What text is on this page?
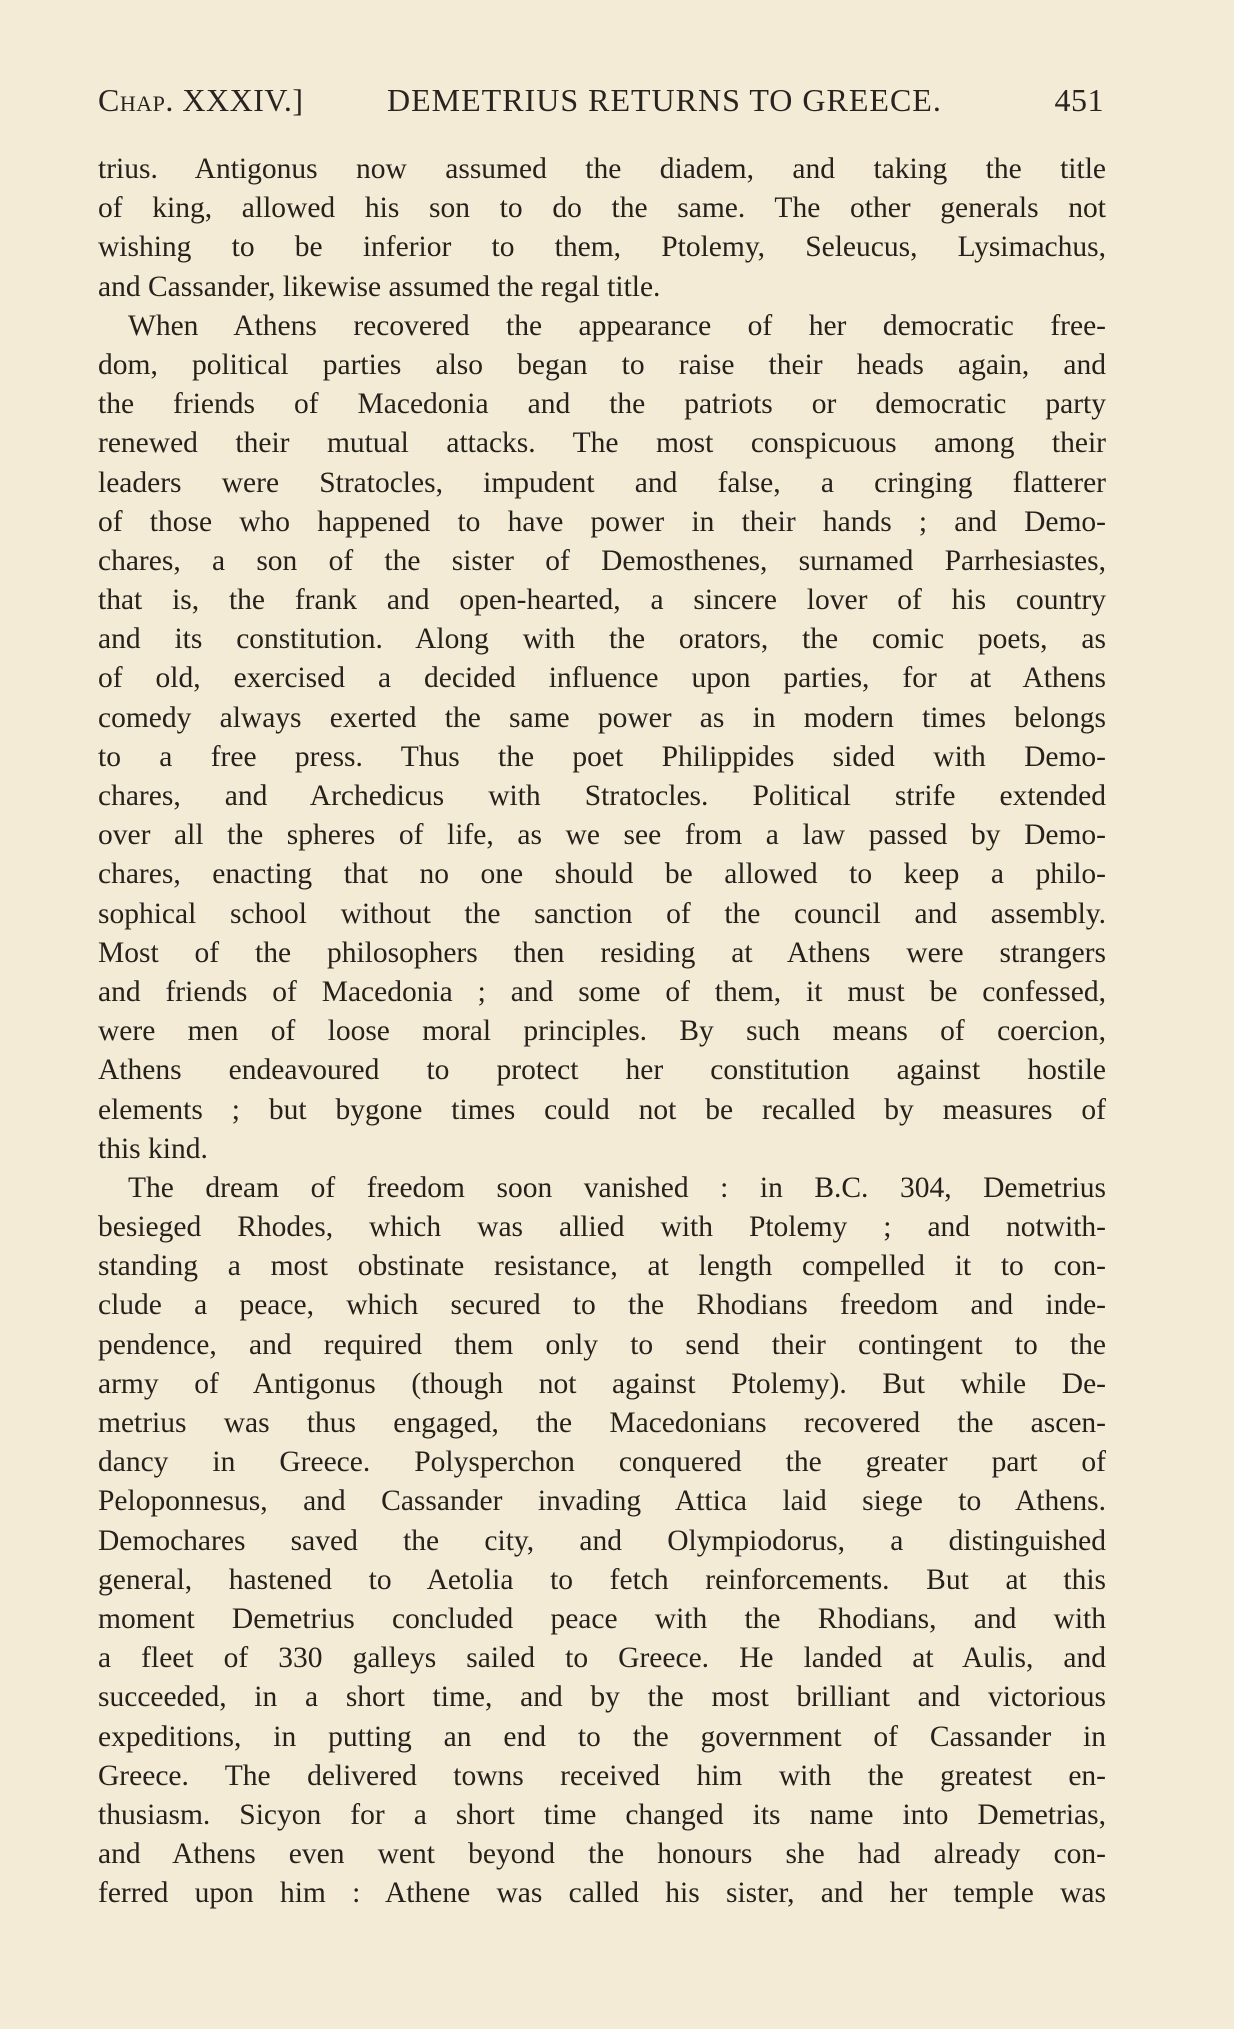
Chap. XXXIV.]	DEMETRIUS RETURNS TO GREECE.	451
trius. Antigonus now assumed the diadem, and taking the title
of king, allowed his son to do the same. The other generals not
wishing to be inferior to them, Ptolemy, Seleucus, Lysimachus,
and Cassander, likewise assumed the regal title.
When Athens recovered the appearance of her democratic free-
dom, political parties also began to raise their heads again, and
the friends of Macedonia and the patriots or democratic party
renewed their mutual attacks. The most conspicuous among their
leaders were Stratocles, impudent and false, a cringing flatterer
of those who happened to have power in their hands ; and Demo-
chares, a son of the sister of Demosthenes, surnamed Parrhesiastes,
that is, the frank and open-hearted, a sincere lover of his country
and its constitution. Along with the orators, the comic poets, as
of old, exercised a decided influence upon parties, for at Athens
comedy always exerted the same power as in modern times belongs
to a free press. Thus the poet Philippides sided with Demo-
chares, and Archedicus with Stratocles. Political strife extended
over all the spheres of life, as we see from a law passed by Demo-
chares, enacting that no one should be allowed to keep a philo-
sophical school without the sanction of the council and assembly.
Most of the philosophers then residing at Athens were strangers
and friends of Macedonia ; and some of them, it must be confessed,
were men of loose moral principles. By such means of coercion,
Athens endeavoured to protect her constitution against hostile
elements ; but bygone times could not be recalled by measures of
this kind.
The dream of freedom soon vanished : in B.C. 304, Demetrius
besieged Rhodes, which was allied with Ptolemy ; and notwith-
standing a most obstinate resistance, at length compelled it to con-
clude a peace, which secured to the Rhodians freedom and inde-
pendence, and required them only to send their contingent to the
army of Antigonus (though not against Ptolemy). But while De-
metrius was thus engaged, the Macedonians recovered the ascen-
dancy in Greece. Polysperchon conquered the greater part of
Peloponnesus, and Cassander invading Attica laid siege to Athens.
Demochares saved the city, and Olympiodorus, a distinguished
general, hastened to Aetolia to fetch reinforcements. But at this
moment Demetrius concluded peace with the Rhodians, and with
a fleet of 330 galleys sailed to Greece. He landed at Aulis, and
succeeded, in a short time, and by the most brilliant and victorious
expeditions, in putting an end to the government of Cassander in
Greece. The delivered towns received him with the greatest en-
thusiasm. Sicyon for a short time changed its name into Demetrias,
and Athens even went beyond the honours she had already con-
ferred upon him : Athene was called his sister, and her temple was
